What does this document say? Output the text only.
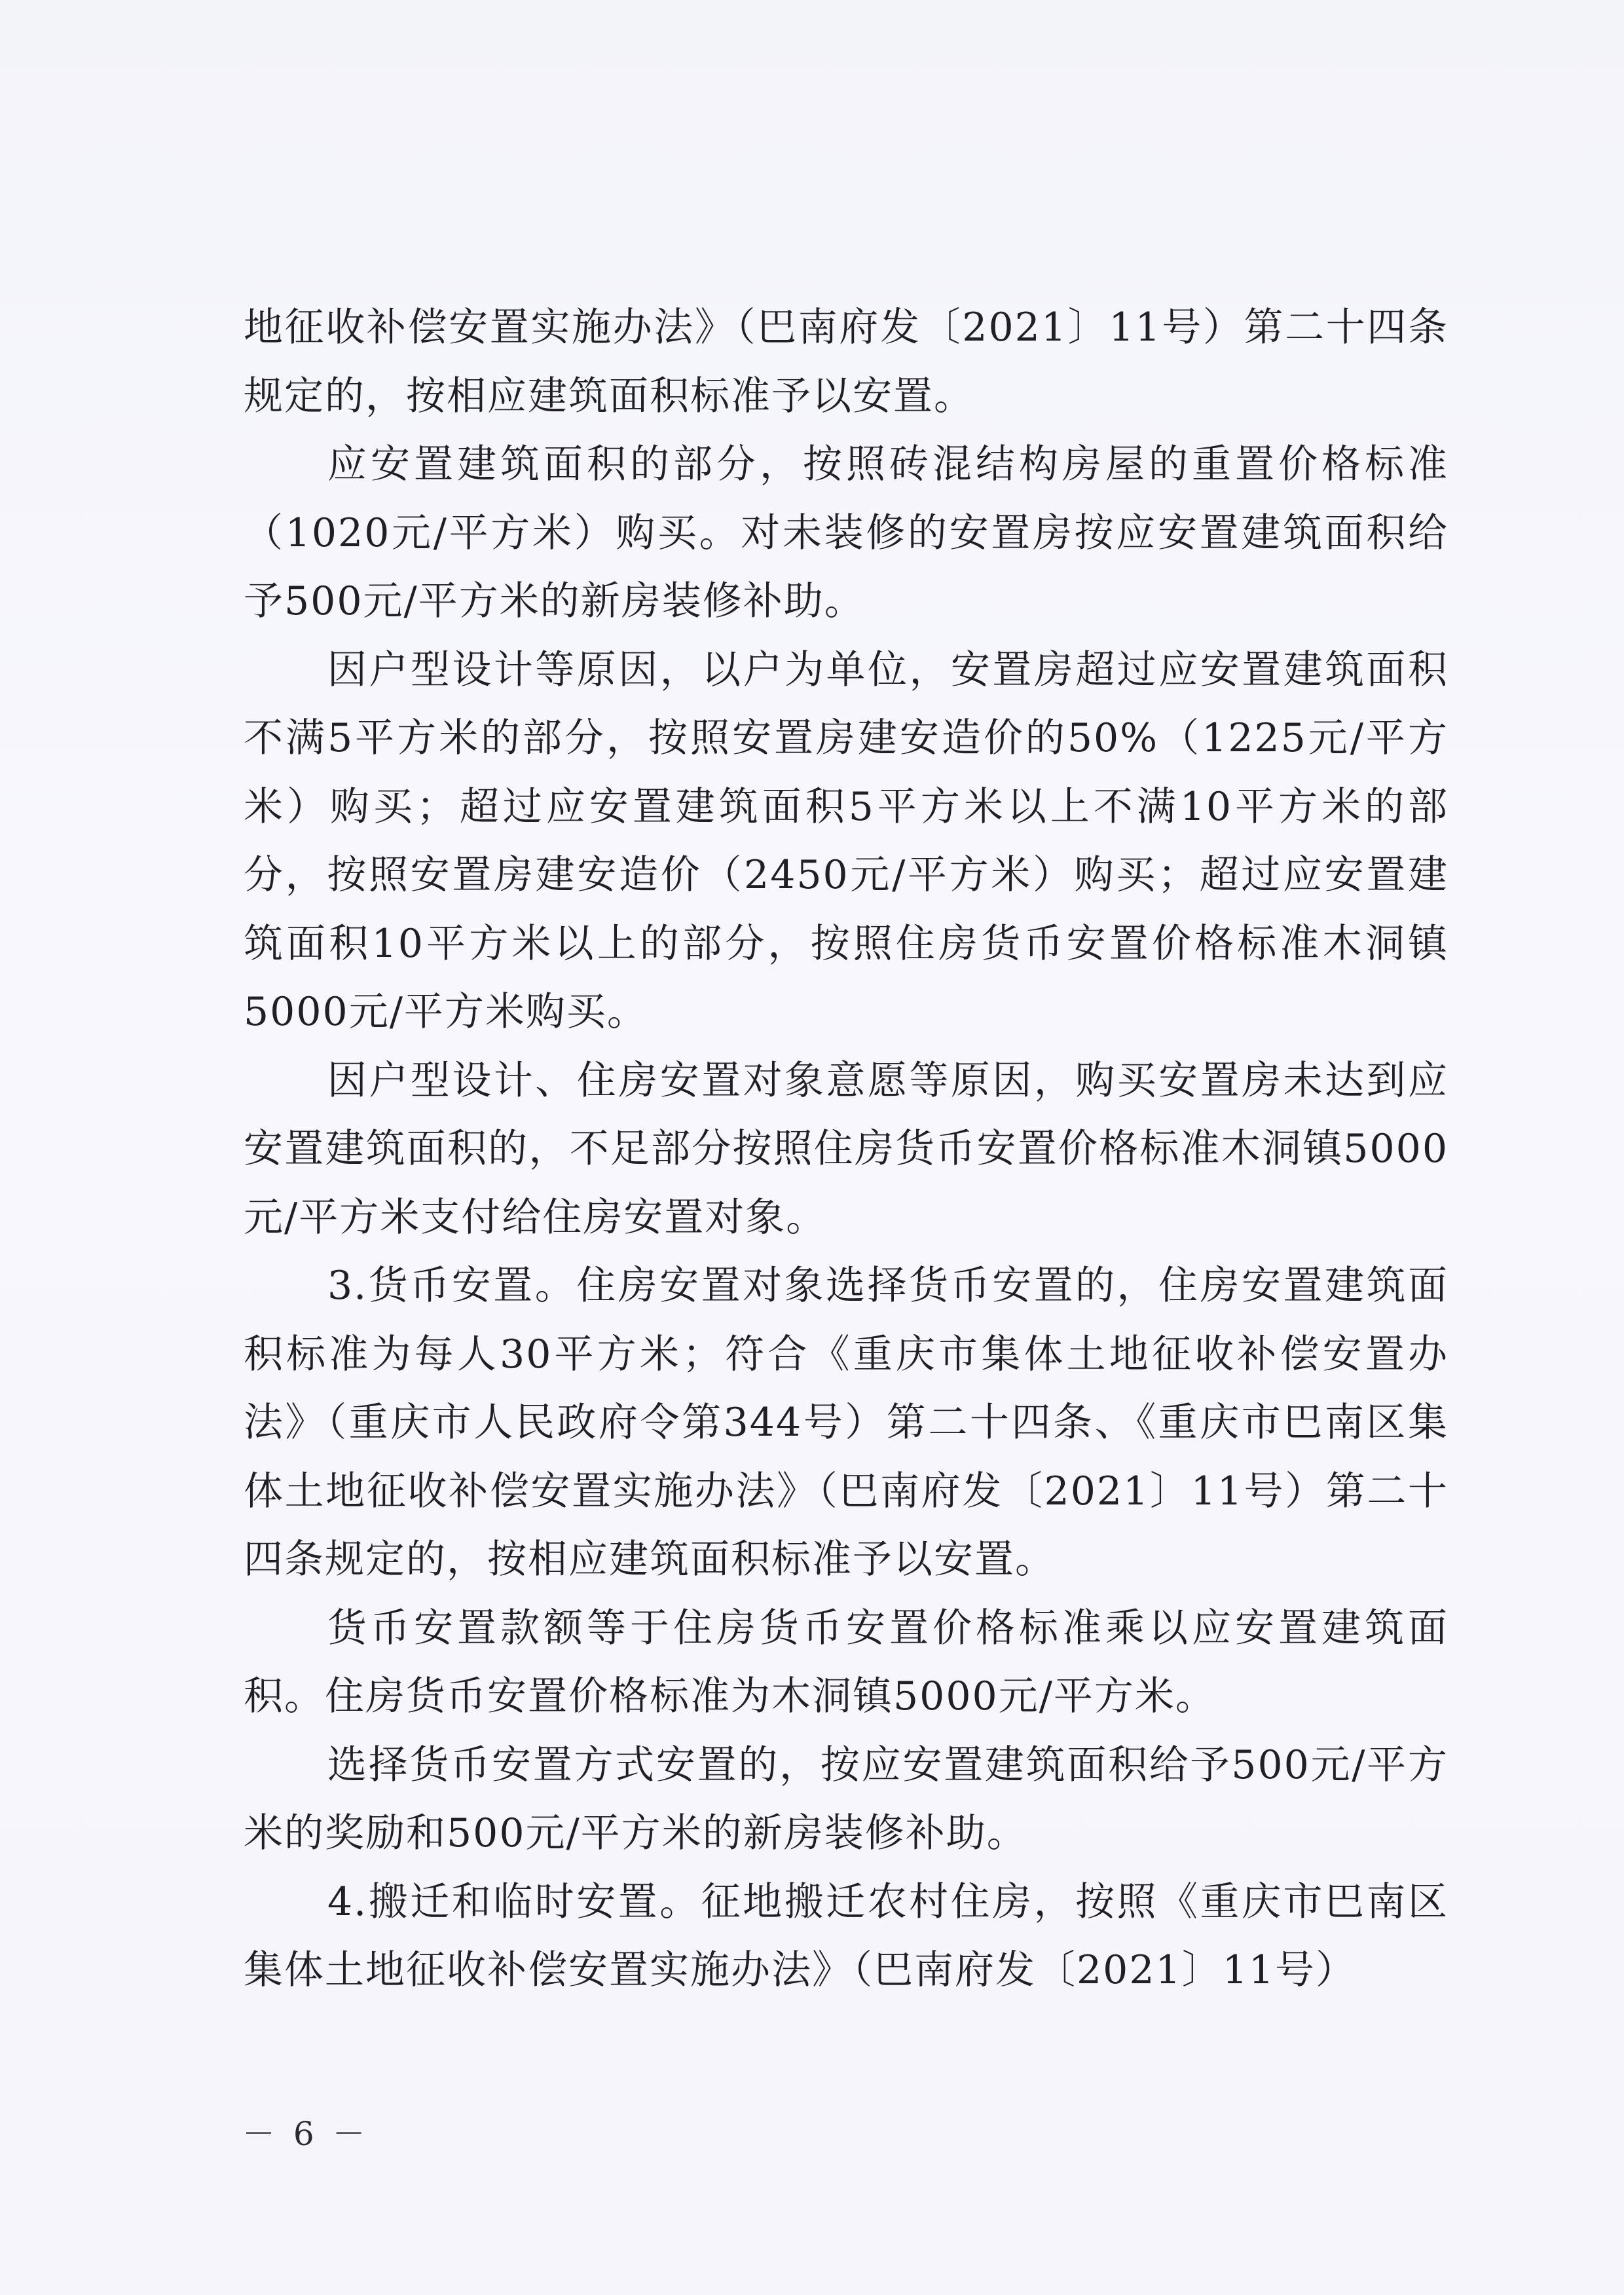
地征收补偿安置实施办法》（巴南府发〔2021〕11号）第二十四条规定的，按相应建筑面积标准予以安置。

应安置建筑面积的部分，按照砖混结构房屋的重置价格标准（1020元/平方米）购买。对未装修的安置房按应安置建筑面积给予500元/平方米的新房装修补助。

因户型设计等原因，以户为单位，安置房超过应安置建筑面积不满5平方米的部分，按照安置房建安造价的50%（1225元/平方米）购买；超过应安置建筑面积5平方米以上不满10平方米的部分，按照安置房建安造价（2450元/平方米）购买；超过应安置建筑面积10平方米以上的部分，按照住房货币安置价格标准木洞镇5000元/平方米购买。

因户型设计、住房安置对象意愿等原因，购买安置房未达到应安置建筑面积的，不足部分按照住房货币安置价格标准木洞镇5000元/平方米支付给住房安置对象。

3.货币安置。住房安置对象选择货币安置的，住房安置建筑面积标准为每人30平方米；符合《重庆市集体土地征收补偿安置办法》（重庆市人民政府令第344号）第二十四条、《重庆市巴南区集体土地征收补偿安置实施办法》（巴南府发〔2021〕11号）第二十四条规定的，按相应建筑面积标准予以安置。

货币安置款额等于住房货币安置价格标准乘以应安置建筑面积。住房货币安置价格标准为木洞镇5000元/平方米。

选择货币安置方式安置的，按应安置建筑面积给予500元/平方米的奖励和500元/平方米的新房装修补助。

4.搬迁和临时安置。征地搬迁农村住房，按照《重庆市巴南区集体土地征收补偿安置实施办法》（巴南府发〔2021〕11号）

－ 6 －
